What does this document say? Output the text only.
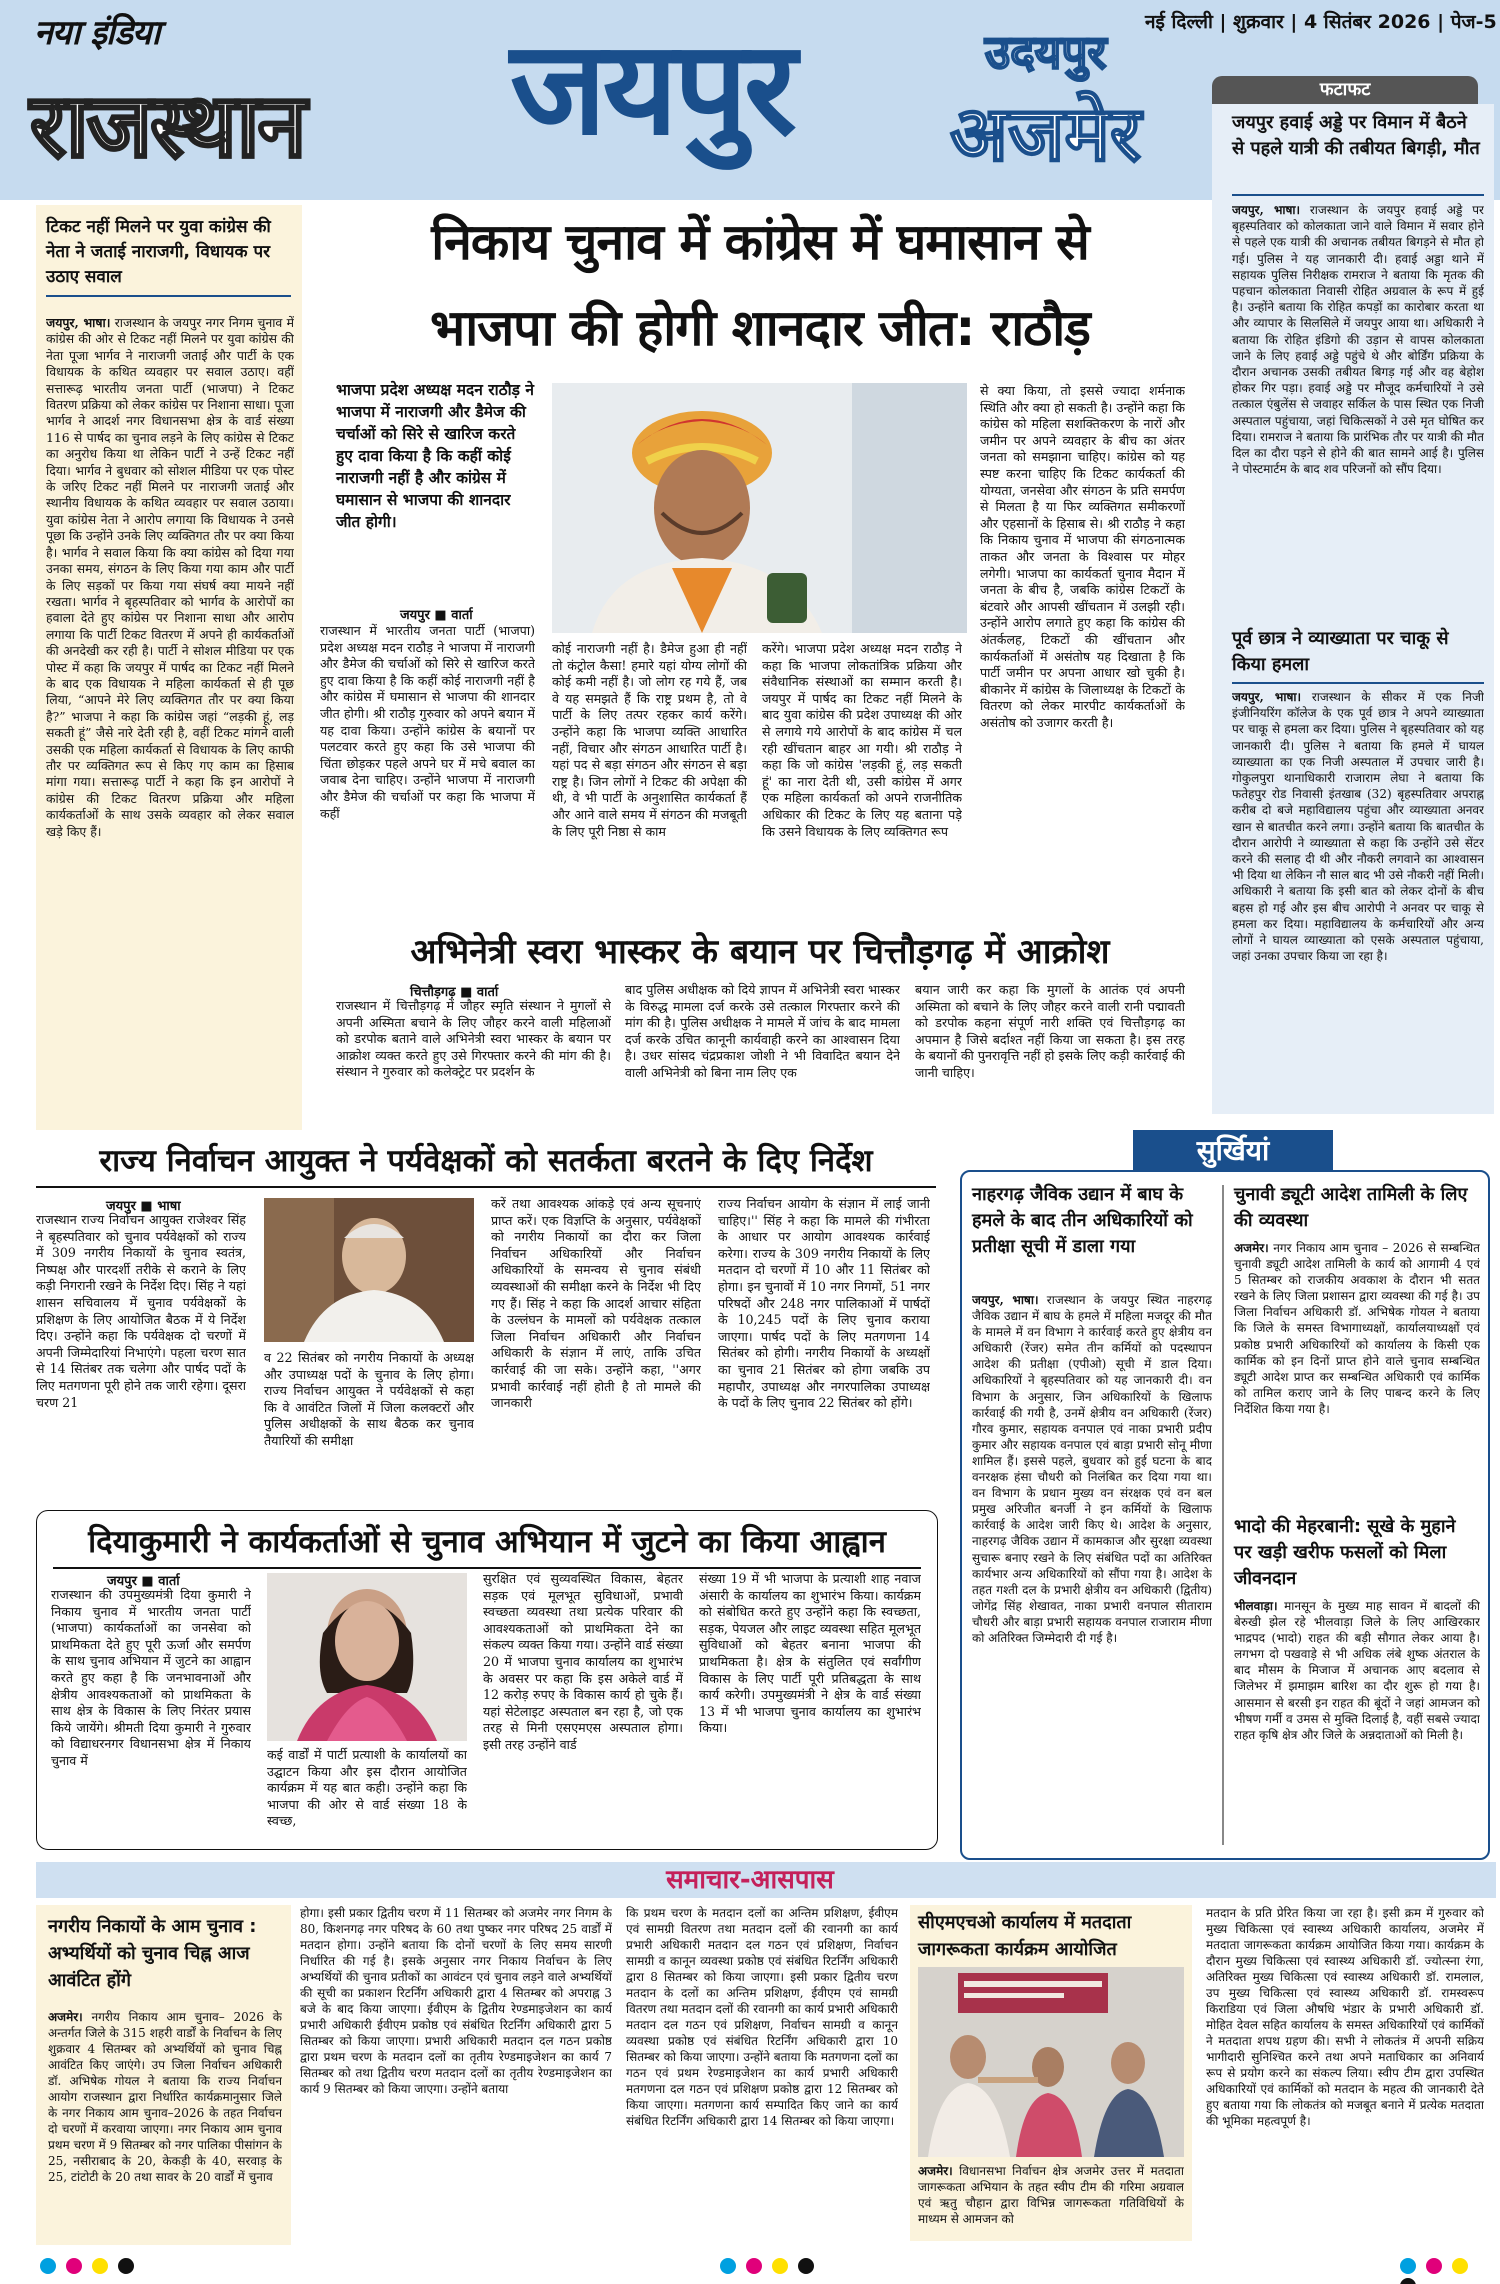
नया इंडिया
राजस्थान जयपुर	उदयपुर
अजमेर
नई दिल्ली | शुक्रवार | 4 सितंबर 2026 | पेज-5
फटाफट
जयपुर हवाई अड्डे पर विमान में बैठने से पहले यात्री की तबीयत बिगड़ी, मौत
जयपुर, भाषा। राजस्थान के जयपुर हवाई अड्डे पर बृहस्पतिवार को कोलकाता जाने वाले विमान में सवार होने से पहले एक यात्री की अचानक तबीयत बिगड़ने से मौत हो गई। पुलिस ने यह जानकारी दी। हवाई अड्डा थाने में सहायक पुलिस निरीक्षक रामराज ने बताया कि मृतक की पहचान कोलकाता निवासी रोहित अग्रवाल के रूप में हुई है। उन्होंने बताया कि रोहित कपड़ों का कारोबार करता था और व्यापार के सिलसिले में जयपुर आया था। अधिकारी ने बताया कि रोहित इंडिगो की उड़ान से वापस कोलकाता जाने के लिए हवाई अड्डे पहुंचे थे और बोर्डिंग प्रक्रिया के दौरान अचानक उसकी तबीयत बिगड़ गई और वह बेहोश होकर गिर पड़ा। हवाई अड्डे पर मौजूद कर्मचारियों ने उसे तत्काल एंबुलेंस से जवाहर सर्किल के पास स्थित एक निजी अस्पताल पहुंचाया, जहां चिकित्सकों ने उसे मृत घोषित कर दिया। रामराज ने बताया कि प्रारंभिक तौर पर यात्री की मौत दिल का दौरा पड़ने से होने की बात सामने आई है। पुलिस ने पोस्टमार्टम के बाद शव परिजनों को सौंप दिया।
पूर्व छात्र ने व्याख्याता पर चाकू से किया हमला
जयपुर, भाषा। राजस्थान के सीकर में एक निजी इंजीनियरिंग कॉलेज के एक पूर्व छात्र ने अपने व्याख्याता पर चाकू से हमला कर दिया। पुलिस ने बृहस्पतिवार को यह जानकारी दी। पुलिस ने बताया कि हमले में घायल व्याख्याता का एक निजी अस्पताल में उपचार जारी है। गोकुलपुरा थानाधिकारी राजाराम लेघा ने बताया कि फतेहपुर रोड निवासी इंतखाब (32) बृहस्पतिवार अपराह्न करीब दो बजे महाविद्यालय पहुंचा और व्याख्याता अनवर खान से बातचीत करने लगा। उन्होंने बताया कि बातचीत के दौरान आरोपी ने व्याख्याता से कहा कि उन्होंने उसे सेंटर करने की सलाह दी थी और नौकरी लगवाने का आश्वासन भी दिया था लेकिन नौ साल बाद भी उसे नौकरी नहीं मिली। अधिकारी ने बताया कि इसी बात को लेकर दोनों के बीच बहस हो गई और इस बीच आरोपी ने अनवर पर चाकू से हमला कर दिया। महाविद्यालय के कर्मचारियों और अन्य लोगों ने घायल व्याख्याता को एसके अस्पताल पहुंचाया, जहां उनका उपचार किया जा रहा है।
टिकट नहीं मिलने पर युवा कांग्रेस की नेता ने जताई नाराजगी, विधायक पर उठाए सवाल
जयपुर, भाषा। राजस्थान के जयपुर नगर निगम चुनाव में कांग्रेस की ओर से टिकट नहीं मिलने पर युवा कांग्रेस की नेता पूजा भार्गव ने नाराजगी जताई और पार्टी के एक विधायक के कथित व्यवहार पर सवाल उठाए। वहीं सत्तारूढ़ भारतीय जनता पार्टी (भाजपा) ने टिकट वितरण प्रक्रिया को लेकर कांग्रेस पर निशाना साधा। पूजा भार्गव ने आदर्श नगर विधानसभा क्षेत्र के वार्ड संख्या 116 से पार्षद का चुनाव लड़ने के लिए कांग्रेस से टिकट का अनुरोध किया था लेकिन पार्टी ने उन्हें टिकट नहीं दिया। भार्गव ने बुधवार को सोशल मीडिया पर एक पोस्ट के जरिए टिकट नहीं मिलने पर नाराजगी जताई और स्थानीय विधायक के कथित व्यवहार पर सवाल उठाया। युवा कांग्रेस नेता ने आरोप लगाया कि विधायक ने उनसे पूछा कि उन्होंने उनके लिए व्यक्तिगत तौर पर क्या किया है। भार्गव ने सवाल किया कि क्या कांग्रेस को दिया गया उनका समय, संगठन के लिए किया गया काम और पार्टी के लिए सड़कों पर किया गया संघर्ष क्या मायने नहीं रखता। भार्गव ने बृहस्पतिवार को भार्गव के आरोपों का हवाला देते हुए कांग्रेस पर निशाना साधा और आरोप लगाया कि पार्टी टिकट वितरण में अपने ही कार्यकर्ताओं की अनदेखी कर रही है। पार्टी ने सोशल मीडिया पर एक पोस्ट में कहा कि जयपुर में पार्षद का टिकट नहीं मिलने के बाद एक विधायक ने महिला कार्यकर्ता से ही पूछ लिया, “आपने मेरे लिए व्यक्तिगत तौर पर क्या किया है?” भाजपा ने कहा कि कांग्रेस जहां “लड़की हूं, लड़ सकती हूं” जैसे नारे देती रही है, वहीं टिकट मांगने वाली उसकी एक महिला कार्यकर्ता से विधायक के लिए काफी तौर पर व्यक्तिगत रूप से किए गए काम का हिसाब मांगा गया। सत्तारूढ़ पार्टी ने कहा कि इन आरोपों ने कांग्रेस की टिकट वितरण प्रक्रिया और महिला कार्यकर्ताओं के साथ उसके व्यवहार को लेकर सवाल खड़े किए हैं।
निकाय चुनाव में कांग्रेस में घमासान से
भाजपा की होगी शानदार जीत: राठौड़
भाजपा प्रदेश अध्यक्ष मदन राठौड़ ने भाजपा में नाराजगी और डैमेज की चर्चाओं को सिरे से खारिज करते हुए दावा किया है कि कहीं कोई नाराजगी नहीं है और कांग्रेस में घमासान से भाजपा की शानदार जीत होगी।
जयपुर ■ वार्ता
राजस्थान में भारतीय जनता पार्टी (भाजपा) प्रदेश अध्यक्ष मदन राठौड़ ने भाजपा में नाराजगी और डैमेज की चर्चाओं को सिरे से खारिज करते हुए दावा किया है कि कहीं कोई नाराजगी नहीं है और कांग्रेस में घमासान से भाजपा की शानदार जीत होगी। श्री राठौड़ गुरुवार को अपने बयान में यह दावा किया। उन्होंने कांग्रेस के बयानों पर पलटवार करते हुए कहा कि उसे भाजपा की चिंता छोड़कर पहले अपने घर में मचे बवाल का जवाब देना चाहिए। उन्होंने भाजपा में नाराजगी और डैमेज की चर्चाओं पर कहा कि भाजपा में कहीं
कोई नाराजगी नहीं है। डैमेज हुआ ही नहीं तो कंट्रोल कैसा! हमारे यहां योग्य लोगों की कोई कमी नहीं है। जो लोग रह गये हैं, जब वे यह समझते हैं कि राष्ट्र प्रथम है, तो वे पार्टी के लिए तत्पर रहकर कार्य करेंगे। उन्होंने कहा कि भाजपा व्यक्ति आधारित नहीं, विचार और संगठन आधारित पार्टी है। यहां पद से बड़ा संगठन और संगठन से बड़ा राष्ट्र है। जिन लोगों ने टिकट की अपेक्षा की थी, वे भी पार्टी के अनुशासित कार्यकर्ता हैं और आने वाले समय में संगठन की मजबूती के लिए पूरी निष्ठा से काम
करेंगे। भाजपा प्रदेश अध्यक्ष मदन राठौड़ ने कहा कि भाजपा लोकतांत्रिक प्रक्रिया और संवैधानिक संस्थाओं का सम्मान करती है। जयपुर में पार्षद का टिकट नहीं मिलने के बाद युवा कांग्रेस की प्रदेश उपाध्यक्ष की ओर से लगाये गये आरोपों के बाद कांग्रेस में चल रही खींचतान बाहर आ गयी। श्री राठौड़ ने कहा कि जो कांग्रेस 'लड़की हूं, लड़ सकती हूं' का नारा देती थी, उसी कांग्रेस में अगर एक महिला कार्यकर्ता को अपने राजनीतिक अधिकार की टिकट के लिए यह बताना पड़े कि उसने विधायक के लिए व्यक्तिगत रूप
से क्या किया, तो इससे ज्यादा शर्मनाक स्थिति और क्या हो सकती है। उन्होंने कहा कि कांग्रेस को महिला सशक्तिकरण के नारों और जमीन पर अपने व्यवहार के बीच का अंतर जनता को समझाना चाहिए। कांग्रेस को यह स्पष्ट करना चाहिए कि टिकट कार्यकर्ता की योग्यता, जनसेवा और संगठन के प्रति समर्पण से मिलता है या फिर व्यक्तिगत समीकरणों और एहसानों के हिसाब से। श्री राठौड़ ने कहा कि निकाय चुनाव में भाजपा की संगठनात्मक ताकत और जनता के विश्वास पर मोहर लगेगी। भाजपा का कार्यकर्ता चुनाव मैदान में जनता के बीच है, जबकि कांग्रेस टिकटों के बंटवारे और आपसी खींचतान में उलझी रही। उन्होंने आरोप लगाते हुए कहा कि कांग्रेस की अंतर्कलह, टिकटों की खींचतान और कार्यकर्ताओं में असंतोष यह दिखाता है कि पार्टी जमीन पर अपना आधार खो चुकी है। बीकानेर में कांग्रेस के जिलाध्यक्ष के टिकटों के वितरण को लेकर मारपीट कार्यकर्ताओं के असंतोष को उजागर करती है।
अभिनेत्री स्वरा भास्कर के बयान पर चित्तौड़गढ़ में आक्रोश
चित्तौड़गढ़ ■ वार्ता
राजस्थान में चित्तौड़गढ़ में जौहर स्मृति संस्थान ने मुगलों से अपनी अस्मिता बचाने के लिए जौहर करने वाली महिलाओं को डरपोक बताने वाले अभिनेत्री स्वरा भास्कर के बयान पर आक्रोश व्यक्त करते हुए उसे गिरफ्तार करने की मांग की है। संस्थान ने गुरुवार को कलेक्ट्रेट पर प्रदर्शन के
बाद पुलिस अधीक्षक को दिये ज्ञापन में अभिनेत्री स्वरा भास्कर के विरुद्ध मामला दर्ज करके उसे तत्काल गिरफ्तार करने की मांग की है। पुलिस अधीक्षक ने मामले में जांच के बाद मामला दर्ज करके उचित कानूनी कार्यवाही करने का आश्वासन दिया है। उधर सांसद चंद्रप्रकाश जोशी ने भी विवादित बयान देने वाली अभिनेत्री को बिना नाम लिए एक
बयान जारी कर कहा कि मुगलों के आतंक एवं अपनी अस्मिता को बचाने के लिए जौहर करने वाली रानी पद्मावती को डरपोक कहना संपूर्ण नारी शक्ति एवं चित्तौड़गढ़ का अपमान है जिसे बर्दाश्त नहीं किया जा सकता है। इस तरह के बयानों की पुनरावृत्ति नहीं हो इसके लिए कड़ी कार्रवाई की जानी चाहिए।
राज्य निर्वाचन आयुक्त ने पर्यवेक्षकों को सतर्कता बरतने के दिए निर्देश
जयपुर ■ भाषा
राजस्थान राज्य निर्वाचन आयुक्त राजेश्वर सिंह ने बृहस्पतिवार को चुनाव पर्यवेक्षकों को राज्य में 309 नगरीय निकायों के चुनाव स्वतंत्र, निष्पक्ष और पारदर्शी तरीके से कराने के लिए कड़ी निगरानी रखने के निर्देश दिए। सिंह ने यहां शासन सचिवालय में चुनाव पर्यवेक्षकों के प्रशिक्षण के लिए आयोजित बैठक में ये निर्देश दिए। उन्होंने कहा कि पर्यवेक्षक दो चरणों में अपनी जिम्मेदारियां निभाएंगे। पहला चरण सात से 14 सितंबर तक चलेगा और पार्षद पदों के लिए मतगणना पूरी होने तक जारी रहेगा। दूसरा चरण 21
व 22 सितंबर को नगरीय निकायों के अध्यक्ष और उपाध्यक्ष पदों के चुनाव के लिए होगा। राज्य निर्वाचन आयुक्त ने पर्यवेक्षकों से कहा कि वे आवंटित जिलों में जिला कलक्टरों और पुलिस अधीक्षकों के साथ बैठक कर चुनाव तैयारियों की समीक्षा
करें तथा आवश्यक आंकड़े एवं अन्य सूचनाएं प्राप्त करें। एक विज्ञप्ति के अनुसार, पर्यवेक्षकों को नगरीय निकायों का दौरा कर जिला निर्वाचन अधिकारियों और निर्वाचन अधिकारियों के समन्वय से चुनाव संबंधी व्यवस्थाओं की समीक्षा करने के निर्देश भी दिए गए हैं। सिंह ने कहा कि आदर्श आचार संहिता के उल्लंघन के मामलों को पर्यवेक्षक तत्काल जिला निर्वाचन अधिकारी और निर्वाचन अधिकारी के संज्ञान में लाएं, ताकि उचित कार्रवाई की जा सके। उन्होंने कहा, ''अगर प्रभावी कार्रवाई नहीं होती है तो मामले की जानकारी
राज्य निर्वाचन आयोग के संज्ञान में लाई जानी चाहिए।'' सिंह ने कहा कि मामले की गंभीरता के आधार पर आयोग आवश्यक कार्रवाई करेगा। राज्य के 309 नगरीय निकायों के लिए मतदान दो चरणों में 10 और 11 सितंबर को होगा। इन चुनावों में 10 नगर निगमों, 51 नगर परिषदों और 248 नगर पालिकाओं में पार्षदों के 10,245 पदों के लिए चुनाव कराया जाएगा। पार्षद पदों के लिए मतगणना 14 सितंबर को होगी। नगरीय निकायों के अध्यक्षों का चुनाव 21 सितंबर को होगा जबकि उप महापौर, उपाध्यक्ष और नगरपालिका उपाध्यक्ष के पदों के लिए चुनाव 22 सितंबर को होंगे।
दियाकुमारी ने कार्यकर्ताओं से चुनाव अभियान में जुटने का किया आह्वान
जयपुर ■ वार्ता
राजस्थान की उपमुख्यमंत्री दिया कुमारी ने निकाय चुनाव में भारतीय जनता पार्टी (भाजपा) कार्यकर्ताओं का जनसेवा को प्राथमिकता देते हुए पूरी ऊर्जा और समर्पण के साथ चुनाव अभियान में जुटने का आह्वान करते हुए कहा है कि जनभावनाओं और क्षेत्रीय आवश्यकताओं को प्राथमिकता के साथ क्षेत्र के विकास के लिए निरंतर प्रयास किये जायेंगे। श्रीमती दिया कुमारी ने गुरुवार को विद्याधरनगर विधानसभा क्षेत्र में निकाय चुनाव में	कई वार्डों में पार्टी प्रत्याशी के कार्यालयों का उद्घाटन किया और इस दौरान आयोजित कार्यक्रम में यह बात कही। उन्होंने कहा कि भाजपा की ओर से वार्ड संख्या 18 के स्वच्छ,
सुरक्षित एवं सुव्यवस्थित विकास, बेहतर सड़क एवं मूलभूत सुविधाओं, प्रभावी स्वच्छता व्यवस्था तथा प्रत्येक परिवार की आवश्यकताओं को प्राथमिकता देने का संकल्प व्यक्त किया गया। उन्होंने वार्ड संख्या 20 में भाजपा चुनाव कार्यालय का शुभारंभ के अवसर पर कहा कि इस अकेले वार्ड में 12 करोड़ रुपए के विकास कार्य हो चुके हैं। यहां सेटेलाइट अस्पताल बन रहा है, जो एक तरह से मिनी एसएमएस अस्पताल होगा। इसी तरह उन्होंने वार्ड
संख्या 19 में भी भाजपा के प्रत्याशी शाह नवाज अंसारी के कार्यालय का शुभारंभ किया। कार्यक्रम को संबोधित करते हुए उन्होंने कहा कि स्वच्छता, सड़क, पेयजल और लाइट व्यवस्था सहित मूलभूत सुविधाओं को बेहतर बनाना भाजपा की प्राथमिकता है। क्षेत्र के संतुलित एवं सर्वांगीण विकास के लिए पार्टी पूरी प्रतिबद्धता के साथ कार्य करेगी। उपमुख्यमंत्री ने क्षेत्र के वार्ड संख्या 13 में भी भाजपा चुनाव कार्यालय का शुभारंभ किया।
सुर्खियां
नाहरगढ़ जैविक उद्यान में बाघ के हमले के बाद तीन अधिकारियों को प्रतीक्षा सूची में डाला गया
जयपुर, भाषा। राजस्थान के जयपुर स्थित नाहरगढ़ जैविक उद्यान में बाघ के हमले में महिला मजदूर की मौत के मामले में वन विभाग ने कार्रवाई करते हुए क्षेत्रीय वन अधिकारी (रेंजर) समेत तीन कर्मियों को पदस्थापन आदेश की प्रतीक्षा (एपीओ) सूची में डाल दिया। अधिकारियों ने बृहस्पतिवार को यह जानकारी दी। वन विभाग के अनुसार, जिन अधिकारियों के खिलाफ कार्रवाई की गयी है, उनमें क्षेत्रीय वन अधिकारी (रेंजर) गौरव कुमार, सहायक वनपाल एवं नाका प्रभारी प्रदीप कुमार और सहायक वनपाल एवं बाड़ा प्रभारी सोनू मीणा शामिल हैं। इससे पहले, बुधवार को हुई घटना के बाद वनरक्षक हंसा चौधरी को निलंबित कर दिया गया था। वन विभाग के प्रधान मुख्य वन संरक्षक एवं वन बल प्रमुख अरिजीत बनर्जी ने इन कर्मियों के खिलाफ कार्रवाई के आदेश जारी किए थे। आदेश के अनुसार, नाहरगढ़ जैविक उद्यान में कामकाज और सुरक्षा व्यवस्था सुचारू बनाए रखने के लिए संबंधित पदों का अतिरिक्त कार्यभार अन्य अधिकारियों को सौंपा गया है। आदेश के तहत गश्ती दल के प्रभारी क्षेत्रीय वन अधिकारी (द्वितीय) जोगेंद्र सिंह शेखावत, नाका प्रभारी वनपाल सीताराम चौधरी और बाड़ा प्रभारी सहायक वनपाल राजाराम मीणा को अतिरिक्त जिम्मेदारी दी गई है।
चुनावी ड्यूटी आदेश तामिली के लिए की व्यवस्था
अजमेर। नगर निकाय आम चुनाव – 2026 से सम्बन्धित चुनावी ड्यूटी आदेश तामिली के कार्य को आगामी 4 एवं 5 सितम्बर को राजकीय अवकाश के दौरान भी सतत रखने के लिए जिला प्रशासन द्वारा व्यवस्था की गई है। उप जिला निर्वाचन अधिकारी डॉ. अभिषेक गोयल ने बताया कि जिले के समस्त विभागाध्यक्षों, कार्यालयाध्यक्षों एवं प्रकोष्ठ प्रभारी अधिकारियों को कार्यालय के किसी एक कार्मिक को इन दिनों प्राप्त होने वाले चुनाव सम्बन्धित ड्यूटी आदेश प्राप्त कर सम्बन्धित अधिकारी एवं कार्मिक को तामिल कराए जाने के लिए पाबन्द करने के लिए निर्देशित किया गया है।
भादो की मेहरबानी: सूखे के मुहाने पर खड़ी खरीफ फसलों को मिला जीवनदान
भीलवाड़ा। मानसून के मुख्य माह सावन में बादलों की बेरुखी झेल रहे भीलवाड़ा जिले के लिए आखिरकार भाद्रपद (भादो) राहत की बड़ी सौगात लेकर आया है। लगभग दो पखवाड़े से भी अधिक लंबे शुष्क अंतराल के बाद मौसम के मिजाज में अचानक आए बदलाव से जिलेभर में झमाझम बारिश का दौर शुरू हो गया है। आसमान से बरसी इन राहत की बूंदों ने जहां आमजन को भीषण गर्मी व उमस से मुक्ति दिलाई है, वहीं सबसे ज्यादा राहत कृषि क्षेत्र और जिले के अन्नदाताओं को मिली है।
समाचार-आसपास
नगरीय निकायों के आम चुनाव : अभ्यर्थियों को चुनाव चिह्न आज आवंटित होंगे
अजमेर। नगरीय निकाय आम चुनाव– 2026 के अन्तर्गत जिले के 315 शहरी वार्डों के निर्वाचन के लिए शुक्रवार 4 सितम्बर को अभ्यर्थियों को चुनाव चिह्न आवंटित किए जाएंगे। उप जिला निर्वाचन अधिकारी डॉ. अभिषेक गोयल ने बताया कि राज्य निर्वाचन आयोग राजस्थान द्वारा निर्धारित कार्यक्रमानुसार जिले के नगर निकाय आम चुनाव–2026 के तहत निर्वाचन दो चरणों में करवाया जाएगा। नगर निकाय आम चुनाव प्रथम चरण में 9 सितम्बर को नगर पालिका पीसांगन के 25, नसीराबाद के 20, केकड़ी के 40, सरवाड़ के 25, टांटोटी के 20 तथा सावर के 20 वार्डों में चुनाव
होगा। इसी प्रकार द्वितीय चरण में 11 सितम्बर को अजमेर नगर निगम के 80, किशनगढ़ नगर परिषद के 60 तथा पुष्कर नगर परिषद 25 वार्डों में मतदान होगा। उन्होंने बताया कि दोनों चरणों के लिए समय सारणी निर्धारित की गई है। इसके अनुसार नगर निकाय निर्वाचन के लिए अभ्यर्थियों की चुनाव प्रतीकों का आवंटन एवं चुनाव लड़ने वाले अभ्यर्थियों की सूची का प्रकाशन रिटर्निंग अधिकारी द्वारा 4 सितम्बर को अपराह्न 3 बजे के बाद किया जाएगा। ईवीएम के द्वितीय रेण्डमाइजेशन का कार्य प्रभारी अधिकारी ईवीएम प्रकोष्ठ एवं संबंधित रिटर्निंग अधिकारी द्वारा 5 सितम्बर को किया जाएगा। प्रभारी अधिकारी मतदान दल गठन प्रकोष्ठ द्वारा प्रथम चरण के मतदान दलों का तृतीय रेण्डमाइजेशन का कार्य 7 सितम्बर को तथा द्वितीय चरण मतदान दलों का तृतीय रेण्डमाइजेशन का कार्य 9 सितम्बर को किया जाएगा। उन्होंने बताया
कि प्रथम चरण के मतदान दलों का अन्तिम प्रशिक्षण, ईवीएम एवं सामग्री वितरण तथा मतदान दलों की रवानगी का कार्य प्रभारी अधिकारी मतदान दल गठन एवं प्रशिक्षण, निर्वाचन सामग्री व कानून व्यवस्था प्रकोष्ठ एवं संबंधित रिटर्निंग अधिकारी द्वारा 8 सितम्बर को किया जाएगा। इसी प्रकार द्वितीय चरण मतदान के दलों का अन्तिम प्रशिक्षण, ईवीएम एवं सामग्री वितरण तथा मतदान दलों की रवानगी का कार्य प्रभारी अधिकारी मतदान दल गठन एवं प्रशिक्षण, निर्वाचन सामग्री व कानून व्यवस्था प्रकोष्ठ एवं संबंधित रिटर्निंग अधिकारी द्वारा 10 सितम्बर को किया जाएगा। उन्होंने बताया कि मतगणना दलों का गठन एवं प्रथम रेण्डमाइजेशन का कार्य प्रभारी अधिकारी मतगणना दल गठन एवं प्रशिक्षण प्रकोष्ठ द्वारा 12 सितम्बर को किया जाएगा। मतगणना कार्य सम्पादित किए जाने का कार्य संबंधित रिटर्निंग अधिकारी द्वारा 14 सितम्बर को किया जाएगा।
सीएमएचओ कार्यालय में मतदाता जागरूकता कार्यक्रम आयोजित
अजमेर। विधानसभा निर्वाचन क्षेत्र अजमेर उत्तर में मतदाता जागरूकता अभियान के तहत स्वीप टीम की गरिमा अग्रवाल एवं ऋतु चौहान द्वारा विभिन्न जागरूकता गतिविधियों के माध्यम से आमजन को
मतदान के प्रति प्रेरित किया जा रहा है। इसी क्रम में गुरुवार को मुख्य चिकित्सा एवं स्वास्थ्य अधिकारी कार्यालय, अजमेर में मतदाता जागरूकता कार्यक्रम आयोजित किया गया। कार्यक्रम के दौरान मुख्य चिकित्सा एवं स्वास्थ्य अधिकारी डॉ. ज्योत्स्ना रंगा, अतिरिक्त मुख्य चिकित्सा एवं स्वास्थ्य अधिकारी डॉ. रामलाल, उप मुख्य चिकित्सा एवं स्वास्थ्य अधिकारी डॉ. रामस्वरूप किराडिया एवं जिला औषधि भंडार के प्रभारी अधिकारी डॉ. मोहित देवल सहित कार्यालय के समस्त अधिकारियों एवं कार्मिकों ने मतदाता शपथ ग्रहण की। सभी ने लोकतंत्र में अपनी सक्रिय भागीदारी सुनिश्चित करने तथा अपने मताधिकार का अनिवार्य रूप से प्रयोग करने का संकल्प लिया। स्वीप टीम द्वारा उपस्थित अधिकारियों एवं कार्मिकों को मतदान के महत्व की जानकारी देते हुए बताया गया कि लोकतंत्र को मजबूत बनाने में प्रत्येक मतदाता की भूमिका महत्वपूर्ण है।
